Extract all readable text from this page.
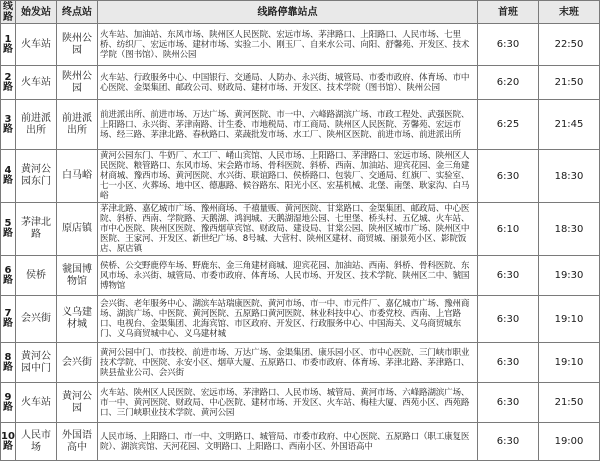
线路	始发站	终点站	线路停靠站点	首班	末班
1路	火车站	陕州公园	火车站、加油站、东风市场、陕州区人民医院、宏远市场、茅津路口、上阳路口、人民市场、七里桥、纺织厂、宏远市场、建材市场、实验二小、刚玉厂、自来水公司、向阳、舒馨苑、开发区、技术学院（图书馆）、陕州公园	6:30	22:50
2路	火车站	陕州公园	火车站、行政服务中心、中国银行、交通局、人防办、永兴街、城管局、市委市政府、体育场、市中心医院、金渠集团、邮政公司、财政局、建材市场、开发区、技术学院（图书馆）、陕州公园	6:20	21:50
3路	前进派出所	前进派出所	前进派出所、前进市场、万达广场、黄河医院、市一中、六峰路湖滨广场、市政工程处、武强医院、上阳路口、永兴街、茅津南路、计生委、市地税局、市工商局、陕州区人民医院、芳馨苑、宏远市场、经三路、茅津北路、春秋路口、菜蔬批发市场、水工厂、陕州区医院、前进市场、前进派出所	6:25	21:45
4路	黄河公园东门	白马峪	黄河公园东门、牛奶厂、水工厂、崤山宾馆、人民市场、上阳路口、茅津路口、宏远市场、陕州区人民医院、粮管路口、东风市场、宋会路市场、骨科医院、斜桥、西南、加油站、迎宾花园、金三角建材商城、豫西市场、黄河医院、水兴街、联谊路口、侯桥路口、包装厂、交通局、红旗厂、实验室、七一小区、火葬场、地中区、德惠路、候谷路东、阳光小区、宏基机械、北堡、南堡、耿家沟、白马峪	6:30	18:30
5路	茅津北路	原店镇	茅津北路、嘉亿城市广场、豫州商场、千禧量贩、黄河医院、甘棠路口、金渠集团、邮政局、中心医院、斜桥、西南、学院路、天鹅湖、鸿润城、天鹅湖湿地公园、七里堡、桥头村、五亿城、火车站、市中心医院、陕州区医院、豫西烟草宾馆、财政局、建设局、甘棠公园、陕州区城市广场、陕州区中医院、王家河、开发区、新世纪广场、8号城、大营村、陕州区建材、商贸城、丽景苑小区、影院饭店、原店镇	6:10	18:30
6路	侯桥	虢国博物馆	侯桥、公交野鹿停车场、野鹿东、金三角建材商城、迎宾花园、加油站、西南、斜桥、骨科医院、东风市场、永兴街、城管局、市委市政府、体育场、人民市场、开发区、技术学院、陕州区二中、虢国博物馆	6:30	19:30
7路	会兴街	义乌建材城	会兴街、老年服务中心、湖滨车站瑞康医院、黄河市场、市一中、市元件厂、嘉亿城市广场、豫州商场、湖滨广场、中医院、黄河医院、五原路口黄河医院、林业科技中心、市委党校、西南、上官路口、电视台、金渠集团、北海宾馆、市区政府、开发区、行政服务中心、中国海关、义乌商贸城东门、义乌商贸城中心、义乌建材城	6:30	19:10
8路	黄河公园中门	会兴街	黄河公园中门、市技校、前进市场、万达广场、金渠集团、康乐园小区、市中心医院、三门峡市职业技术学院、中医院、永安小区、烟草大厦、五原路口、市委市政府、体育场、茅津北路、茅津路口、陕县盐业公司、会兴街	6:30	19:10
9路	火车站	黄河公园	火车站、陕州区人民医院、宏远市场、茅津路口、人民市场、城管局、黄河市场、六峰路湖滨广场、市一中、黄河医院、财政局、中心医院、建材市场、开发区、火车站、梅桂大厦、西苑小区、西苑路口、三门峡职业技术学院、黄河公园	6:30	21:50
10路	人民市场	外国语高中	人民市场、上阳路口、市一中、文明路口、城管局、市委市政府、中心医院、五原路口（职工康复医院）、湖滨宾馆、天河花园、文明路口、上阳路口、西南小区、外国语高中	6:30	19:00
